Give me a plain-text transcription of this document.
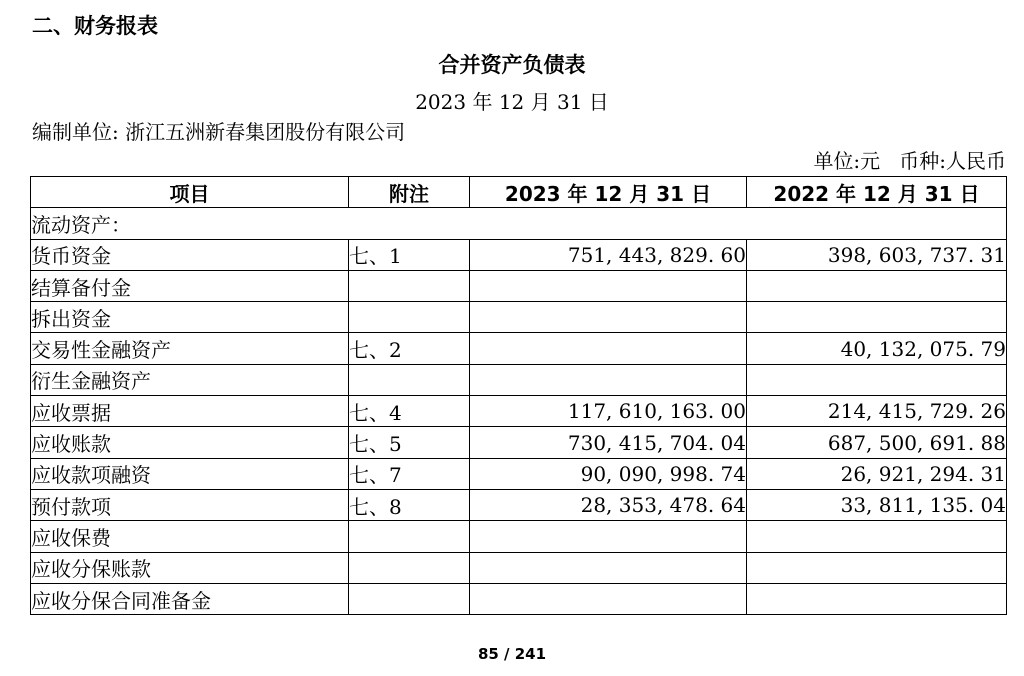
二、财务报表
合并资产负债表
2023 年 12 月 31 日
编制单位: 浙江五洲新春集团股份有限公司
单位:元   币种:人民币
项目	附注	2023 年 12 月 31 日	2022 年 12 月 31 日
流动资产：			
货币资金	七、1	751, 443, 829. 60	398, 603, 737. 31
结算备付金			
拆出资金			
交易性金融资产	七、2		40, 132, 075. 79
衍生金融资产			
应收票据	七、4	117, 610, 163. 00	214, 415, 729. 26
应收账款	七、5	730, 415, 704. 04	687, 500, 691. 88
应收款项融资	七、7	90, 090, 998. 74	26, 921, 294. 31
预付款项	七、8	28, 353, 478. 64	33, 811, 135. 04
应收保费			
应收分保账款			
应收分保合同准备金			
85 / 241
